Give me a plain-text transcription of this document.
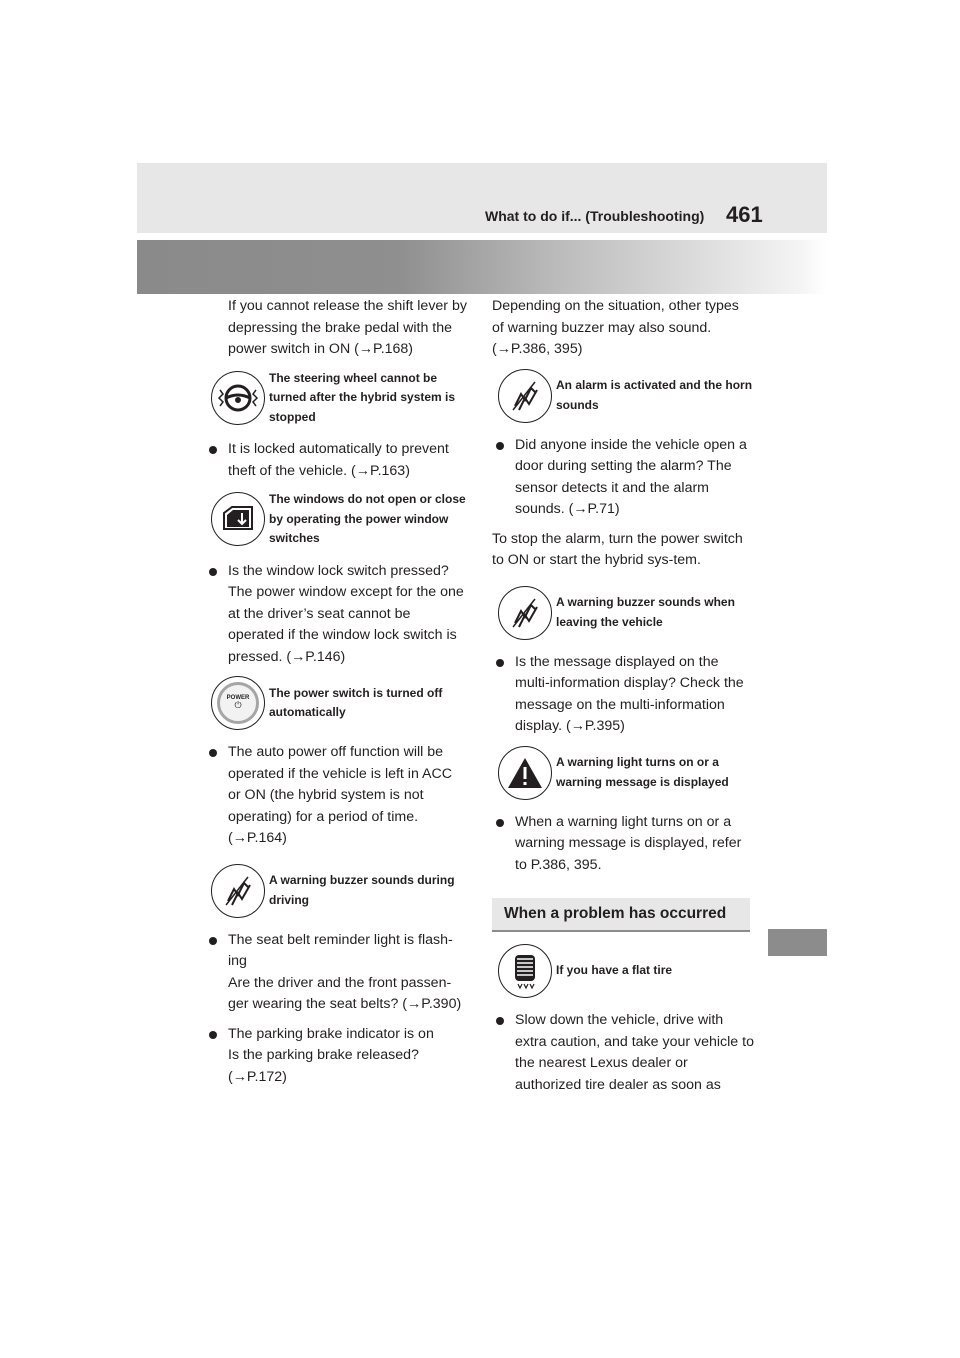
What to do if... (Troubleshooting) 461

If you cannot release the shift lever by depressing the brake pedal with the power switch in ON (→P.168)

The steering wheel cannot be turned after the hybrid system is stopped
It is locked automatically to prevent theft of the vehicle. (→P.163)
The windows do not open or close by operating the power window switches
Is the window lock switch pressed? The power window except for the one at the driver’s seat cannot be operated if the window lock switch is pressed. (→P.146)
POWER
⏻
The power switch is turned off automatically
The auto power off function will be operated if the vehicle is left in ACC or ON (the hybrid system is not operating) for a period of time. (→P.164)
A warning buzzer sounds during driving
The seat belt reminder light is flash-ing
Are the driver and the front passen-ger wearing the seat belts? (→P.390)
The parking brake indicator is on
Is the parking brake released? (→P.172)

Depending on the situation, other types of warning buzzer may also sound. (→P.386, 395)

An alarm is activated and the horn sounds
Did anyone inside the vehicle open a door during setting the alarm? The sensor detects it and the alarm sounds. (→P.71)

To stop the alarm, turn the power switch to ON or start the hybrid sys-tem.

A warning buzzer sounds when leaving the vehicle
Is the message displayed on the multi-information display? Check the message on the multi-information display. (→P.395)
A warning light turns on or a warning message is displayed
When a warning light turns on or a warning message is displayed, refer to P.386, 395.
When a problem has occurred
If you have a flat tire
Slow down the vehicle, drive with extra caution, and take your vehicle to the nearest Lexus dealer or authorized tire dealer as soon as
